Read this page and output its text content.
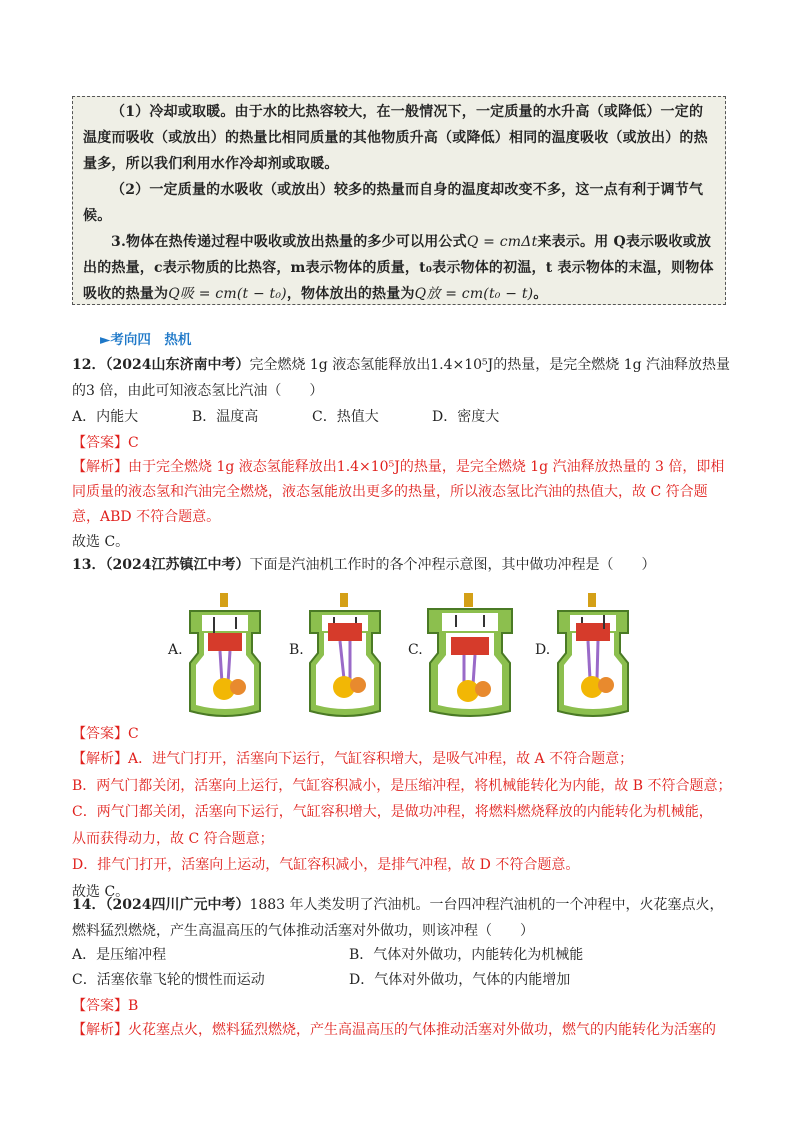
（1）冷却或取暖。由于水的比热容较大，在一般情况下，一定质量的水升高（或降低）一定的温度而吸收（或放出）的热量比相同质量的其他物质升高（或降低）相同的温度吸收（或放出）的热量多，所以我们利用水作冷却剂或取暖。

（2）一定质量的水吸收（或放出）较多的热量而自身的温度却改变不多，这一点有利于调节气候。

3.物体在热传递过程中吸收或放出热量的多少可以用公式Q = cmΔt来表示。用 Q表示吸收或放出的热量，c表示物质的比热容，m表示物体的质量，t₀表示物体的初温，t 表示物体的末温，则物体吸收的热量为Q吸 = cm(t − t₀)，物体放出的热量为Q放 = cm(t₀ − t)。

►考向四　热机
12．（2024山东济南中考）完全燃烧 1g 液态氢能释放出1.4×10⁵J的热量，是完全燃烧 1g 汽油释放热量的3 倍，由此可知液态氢比汽油（　　）
A．内能大	B．温度高	C．热值大	D．密度大
【答案】C

【解析】由于完全燃烧 1g 液态氢能释放出1.4×10⁵J的热量，是完全燃烧 1g 汽油释放热量的 3 倍，即相同质量的液态氢和汽油完全燃烧，液态氢能放出更多的热量，所以液态氢比汽油的热值大，故 C 符合题意，ABD 不符合题意。

故选 C。

13．（2024江苏镇江中考）下面是汽油机工作时的各个冲程示意图，其中做功冲程是（　　）
A.	B.	C.	D.
【答案】C

【解析】A．进气门打开，活塞向下运行，气缸容积增大，是吸气冲程，故 A 不符合题意；

B．两气门都关闭，活塞向上运行，气缸容积减小，是压缩冲程，将机械能转化为内能，故 B 不符合题意；

C．两气门都关闭，活塞向下运行，气缸容积增大，是做功冲程，将燃料燃烧释放的内能转化为机械能，

从而获得动力，故 C 符合题意；

D．排气门打开，活塞向上运动，气缸容积减小，是排气冲程，故 D 不符合题意。

故选 C。

14．（2024四川广元中考）1883 年人类发明了汽油机。一台四冲程汽油机的一个冲程中，火花塞点火，燃料猛烈燃烧，产生高温高压的气体推动活塞对外做功，则该冲程（　　）
A．是压缩冲程	B．气体对外做功，内能转化为机械能
C．活塞依靠飞轮的惯性而运动	D．气体对外做功，气体的内能增加
【答案】B
【解析】火花塞点火，燃料猛烈燃烧，产生高温高压的气体推动活塞对外做功，燃气的内能转化为活塞的
